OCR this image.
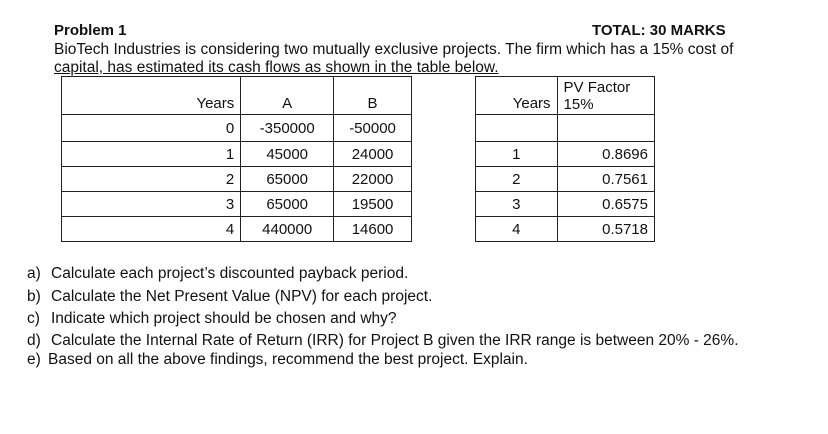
Problem 1	TOTAL: 30 MARKS
BioTech Industries is considering two mutually exclusive projects. The firm which has a 15% cost of
capital, has estimated its cash flows as shown in the table below.
Years	A	B
0	-350000	-50000
1	45000	24000
2	65000	22000
3	65000	19500
4	440000	14600
Years	PV Factor
15%

1	0.8696
2	0.7561
3	0.6575
4	0.5718
a) Calculate each project’s discounted payback period.
b) Calculate the Net Present Value (NPV) for each project.
c) Indicate which project should be chosen and why?
d) Calculate the Internal Rate of Return (IRR) for Project B given the IRR range is between 20% - 26%.
e) Based on all the above findings, recommend the best project. Explain.
